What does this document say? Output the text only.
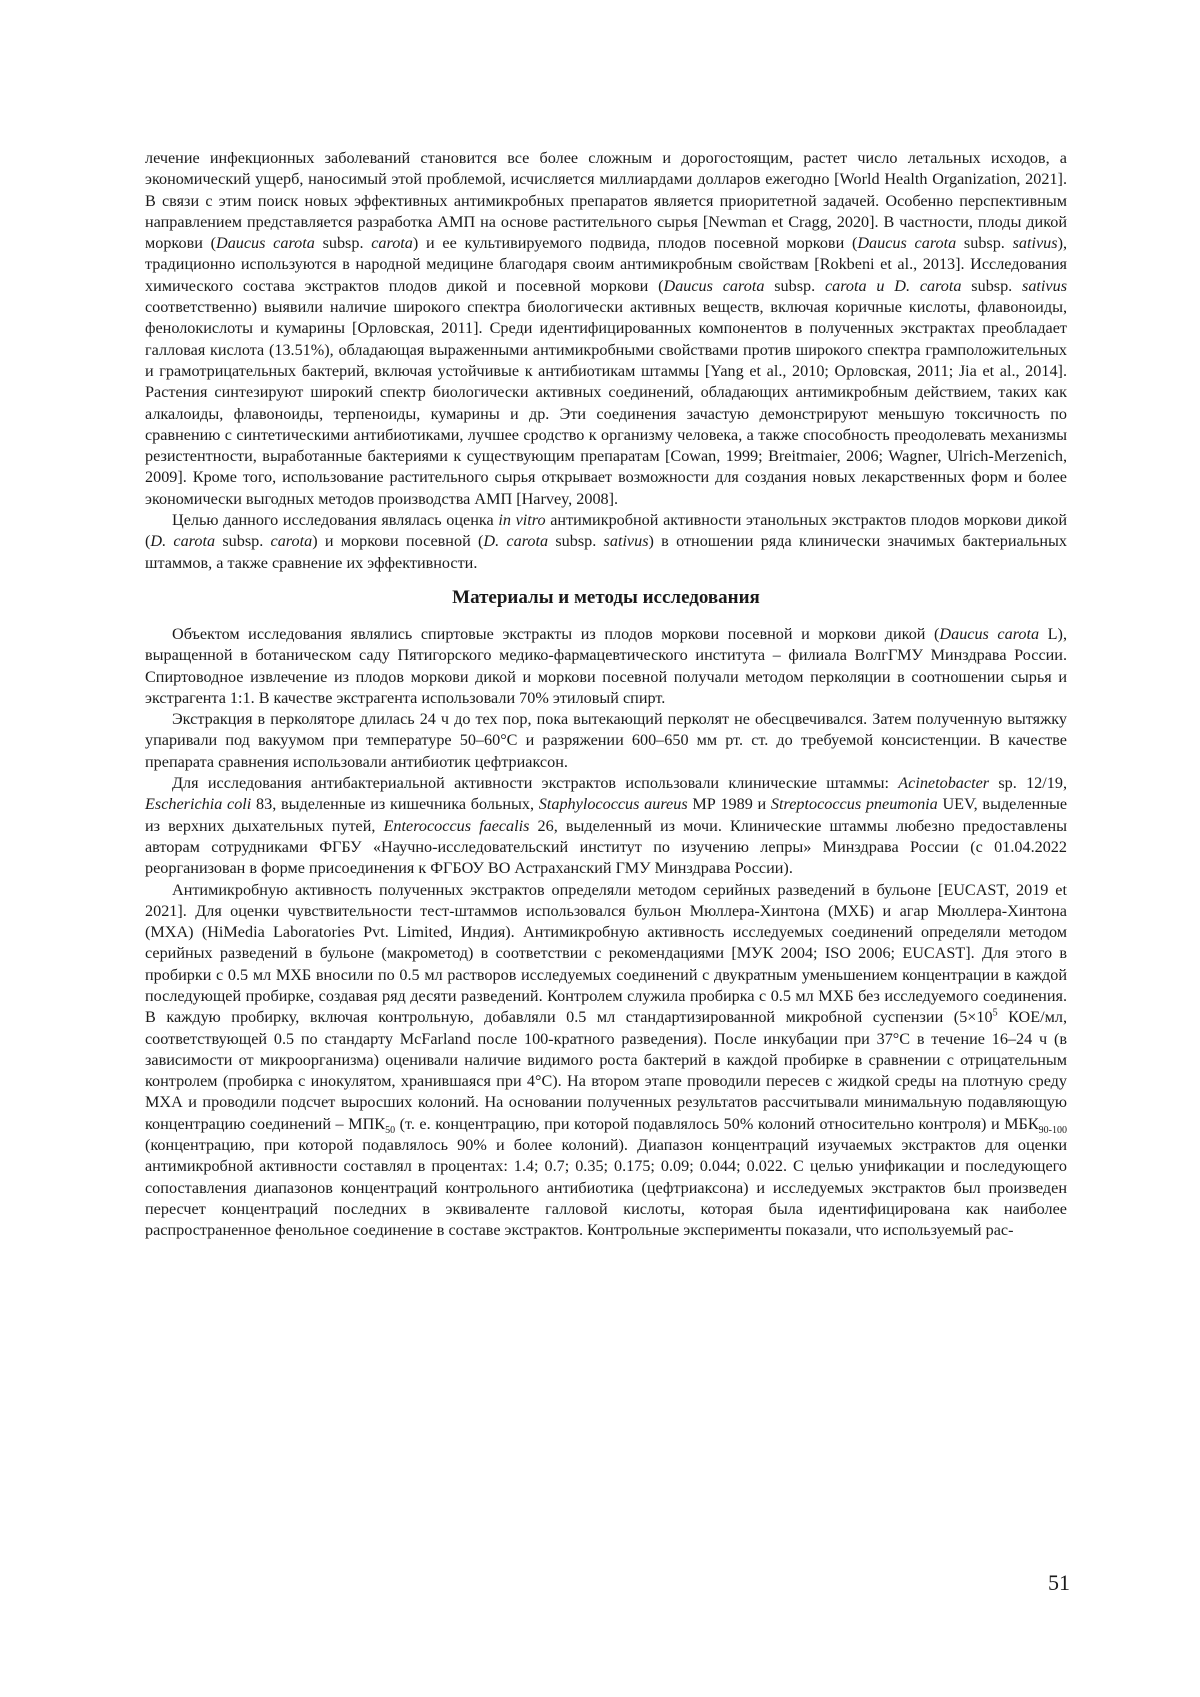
лечение инфекционных заболеваний становится все более сложным и дорогостоящим, растет число летальных исходов, а экономический ущерб, наносимый этой проблемой, исчисляется миллиардами долларов ежегодно [World Health Organization, 2021]. В связи с этим поиск новых эффективных антимикробных препаратов является приоритетной задачей. Особенно перспективным направлением представляется разработка АМП на основе растительного сырья [Newman et Cragg, 2020]. В частности, плоды дикой моркови (Daucus carota subsp. carota) и ее культивируемого подвида, плодов посевной моркови (Daucus carota subsp. sativus), традиционно используются в народной медицине благодаря своим антимикробным свойствам [Rokbeni et al., 2013]. Исследования химического состава экстрактов плодов дикой и посевной моркови (Daucus carota subsp. carota и D. carota subsp. sativus соответственно) выявили наличие широкого спектра биологически активных веществ, включая коричные кислоты, флавоноиды, фенолокислоты и кумарины [Орловская, 2011]. Среди идентифицированных компонентов в полученных экстрактах преобладает галловая кислота (13.51%), обладающая выраженными антимикробными свойствами против широкого спектра грамположительных и грамотрицательных бактерий, включая устойчивые к антибиотикам штаммы [Yang et al., 2010; Орловская, 2011; Jia et al., 2014]. Растения синтезируют широкий спектр биологически активных соединений, обладающих антимикробным действием, таких как алкалоиды, флавоноиды, терпеноиды, кумарины и др. Эти соединения зачастую демонстрируют меньшую токсичность по сравнению с синтетическими антибиотиками, лучшее сродство к организму человека, а также способность преодолевать механизмы резистентности, выработанные бактериями к существующим препаратам [Cowan, 1999; Breitmaier, 2006; Wagner, Ulrich-Merzenich, 2009]. Кроме того, использование растительного сырья открывает возможности для создания новых лекарственных форм и более экономически выгодных методов производства АМП [Harvey, 2008].

Целью данного исследования являлась оценка in vitro антимикробной активности этанольных экстрактов плодов моркови дикой (D. carota subsp. carota) и моркови посевной (D. carota subsp. sativus) в отношении ряда клинически значимых бактериальных штаммов, а также сравнение их эффективности.

Материалы и методы исследования

Объектом исследования являлись спиртовые экстракты из плодов моркови посевной и моркови дикой (Daucus carota L), выращенной в ботаническом саду Пятигорского медико-фармацевтического института – филиала ВолгГМУ Минздрава России. Спиртоводное извлечение из плодов моркови дикой и моркови посевной получали методом перколяции в соотношении сырья и экстрагента 1:1. В качестве экстрагента использовали 70% этиловый спирт.

Экстракция в перколяторе длилась 24 ч до тех пор, пока вытекающий перколят не обесцвечивался. Затем полученную вытяжку упаривали под вакуумом при температуре 50–60°C и разряжении 600–650 мм рт. ст. до требуемой консистенции. В качестве препарата сравнения использовали антибиотик цефтриаксон.

Для исследования антибактериальной активности экстрактов использовали клинические штаммы: Acinetobacter sp. 12/19, Escherichia coli 83, выделенные из кишечника больных, Staphylococcus aureus МР 1989 и Streptococcus pneumonia UEV, выделенные из верхних дыхательных путей, Enterococcus faecalis 26, выделенный из мочи. Клинические штаммы любезно предоставлены авторам сотрудниками ФГБУ «Научно-исследовательский институт по изучению лепры» Минздрава России (с 01.04.2022 реорганизован в форме присоединения к ФГБОУ ВО Астраханский ГМУ Минздрава России).

Антимикробную активность полученных экстрактов определяли методом серийных разведений в бульоне [EUCAST, 2019 et 2021]. Для оценки чувствительности тест-штаммов использовался бульон Мюллера-Хинтона (МХБ) и агар Мюллера-Хинтона (МХА) (HiMedia Laboratories Pvt. Limited, Индия). Антимикробную активность исследуемых соединений определяли методом серийных разведений в бульоне (макрометод) в соответствии с рекомендациями [МУК 2004; ISO 2006; EUCAST]. Для этого в пробирки с 0.5 мл МХБ вносили по 0.5 мл растворов исследуемых соединений с двукратным уменьшением концентрации в каждой последующей пробирке, создавая ряд десяти разведений. Контролем служила пробирка с 0.5 мл МХБ без исследуемого соединения. В каждую пробирку, включая контрольную, добавляли 0.5 мл стандартизированной микробной суспензии (5×105 КОЕ/мл, соответствующей 0.5 по стандарту McFarland после 100-кратного разведения). После инкубации при 37°C в течение 16–24 ч (в зависимости от микроорганизма) оценивали наличие видимого роста бактерий в каждой пробирке в сравнении с отрицательным контролем (пробирка с инокулятом, хранившаяся при 4°C). На втором этапе проводили пересев с жидкой среды на плотную среду МХА и проводили подсчет выросших колоний. На основании полученных результатов рассчитывали минимальную подавляющую концентрацию соединений – МПК50 (т. е. концентрацию, при которой подавлялось 50% колоний относительно контроля) и МБК90-100 (концентрацию, при которой подавлялось 90% и более колоний). Диапазон концентраций изучаемых экстрактов для оценки антимикробной активности составлял в процентах: 1.4; 0.7; 0.35; 0.175; 0.09; 0.044; 0.022. С целью унификации и последующего сопоставления диапазонов концентраций контрольного антибиотика (цефтриаксона) и исследуемых экстрактов был произведен пересчет концентраций последних в эквиваленте галловой кислоты, которая была идентифицирована как наиболее распространенное фенольное соединение в составе экстрактов. Контрольные эксперименты показали, что используемый рас-

51
